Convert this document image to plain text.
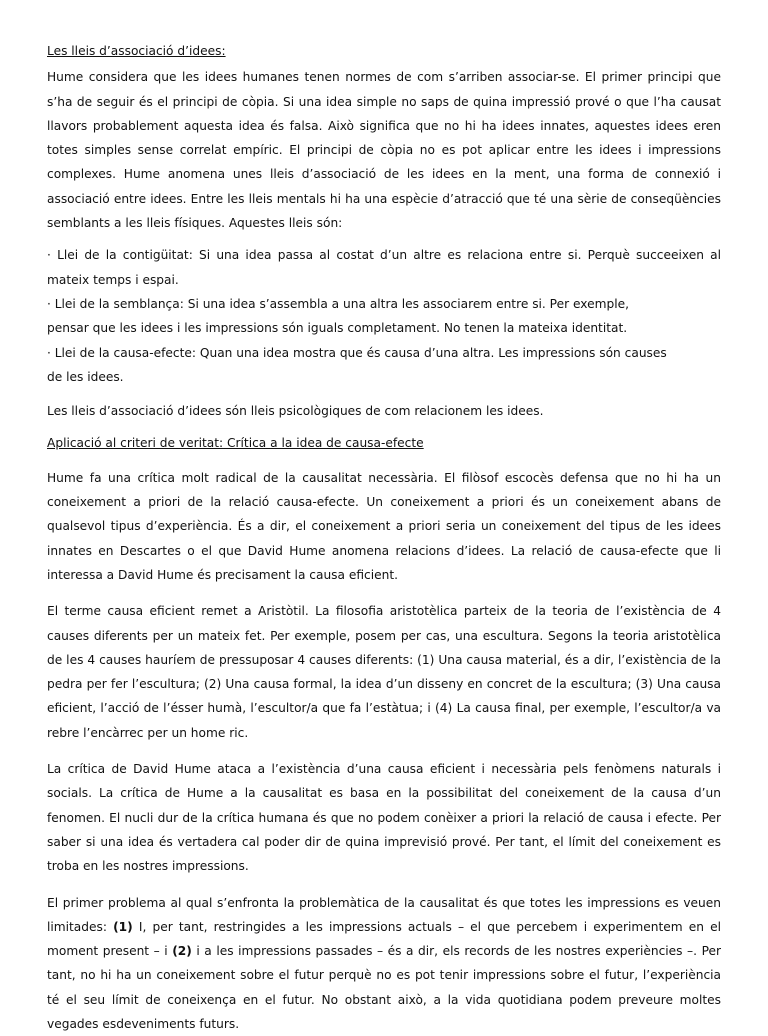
Les lleis d’associació d’idees:

Hume considera que les idees humanes tenen normes de com s’arriben associar-se. El primer principi que s’ha de seguir és el principi de còpia. Si una idea simple no saps de quina impressió prové o que l’ha causat llavors probablement aquesta idea és falsa. Això significa que no hi ha idees innates, aquestes idees eren totes simples sense correlat empíric. El principi de còpia no es pot aplicar entre les idees i impressions complexes. Hume anomena unes lleis d’associació de les idees en la ment, una forma de connexió i associació entre idees. Entre les lleis mentals hi ha una espècie d’atracció que té una sèrie de conseqüències semblants a les lleis físiques. Aquestes lleis són:

· Llei de la contigüitat: Si una idea passa al costat d’un altre es relaciona entre si. Perquè succeeixen al mateix temps i espai.

· Llei de la semblança: Si una idea s’assembla a una altra les associarem entre si. Per exemple,

pensar que les idees i les impressions són iguals completament. No tenen la mateixa identitat.

· Llei de la causa-efecte: Quan una idea mostra que és causa d’una altra. Les impressions són causes

de les idees.

Les lleis d’associació d’idees són lleis psicològiques de com relacionem les idees.

Aplicació al criteri de veritat: Crítica a la idea de causa-efecte

Hume fa una crítica molt radical de la causalitat necessària. El filòsof escocès defensa que no hi ha un coneixement a priori de la relació causa-efecte. Un coneixement a priori és un coneixement abans de qualsevol tipus d’experiència. És a dir, el coneixement a priori seria un coneixement del tipus de les idees innates en Descartes o el que David Hume anomena relacions d’idees. La relació de causa-efecte que li interessa a David Hume és precisament la causa eficient.

El terme causa eficient remet a Aristòtil. La filosofia aristotèlica parteix de la teoria de l’existència de 4 causes diferents per un mateix fet. Per exemple, posem per cas, una escultura. Segons la teoria aristotèlica de les 4 causes hauríem de pressuposar 4 causes diferents: (1) Una causa material, és a dir, l’existència de la pedra per fer l’escultura; (2) Una causa formal, la idea d’un disseny en concret de la escultura; (3) Una causa eficient, l’acció de l’ésser humà, l’escultor/a que fa l’estàtua; i (4) La causa final, per exemple, l’escultor/a va rebre l’encàrrec per un home ric.

La crítica de David Hume ataca a l’existència d’una causa eficient i necessària pels fenòmens naturals i socials. La crítica de Hume a la causalitat es basa en la possibilitat del coneixement de la causa d’un fenomen. El nucli dur de la crítica humana és que no podem conèixer a priori la relació de causa i efecte. Per saber si una idea és vertadera cal poder dir de quina imprevisió prové. Per tant, el límit del coneixement es troba en les nostres impressions.

El primer problema al qual s’enfronta la problemàtica de la causalitat és que totes les impressions es veuen limitades: (1) I, per tant, restringides a les impressions actuals – el que percebem i experimentem en el moment present – i (2) i a les impressions passades – és a dir, els records de les nostres experiències –. Per tant, no hi ha un coneixement sobre el futur perquè no es pot tenir impressions sobre el futur, l’experiència té el seu límit de coneixença en el futur. No obstant això, a la vida quotidiana podem preveure moltes vegades esdeveniments futurs.
